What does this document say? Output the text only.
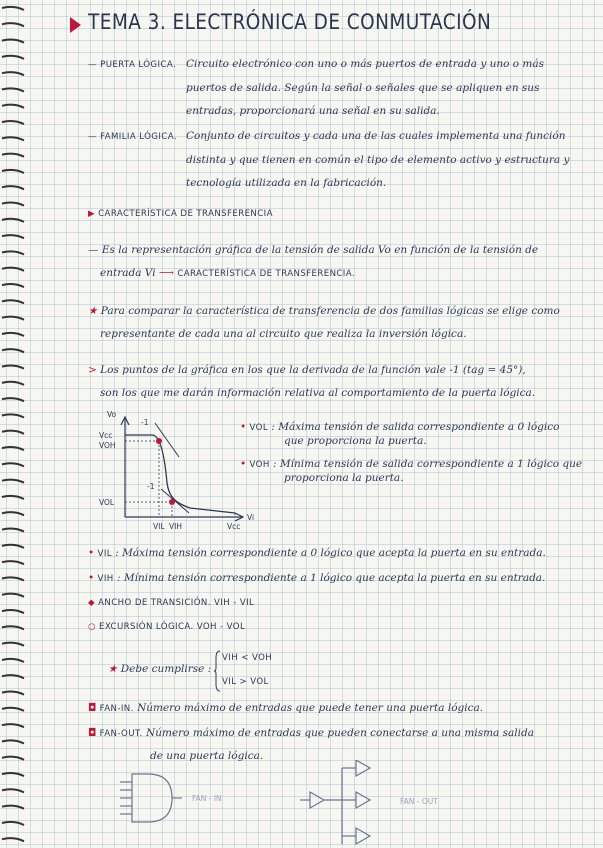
TEMA 3. ELECTRÓNICA DE CONMUTACIÓN
— PUERTA LÓGICA. Circuito electrónico con uno o más puertos de entrada y uno o más
puertos de salida. Según la señal o señales que se apliquen en sus
entradas, proporcionará una señal en su salida.
— FAMILIA LÓGICA. Conjunto de circuitos y cada una de las cuales implementa una función
distinta y que tienen en común el tipo de elemento activo y estructura y
tecnología utilizada en la fabricación.
▶ CARACTERÍSTICA DE TRANSFERENCIA
— Es la representación gráfica de la tensión de salida Vo en función de la tensión de
entrada Vi ⟶ CARACTERÍSTICA DE TRANSFERENCIA.
★ Para comparar la característica de transferencia de dos familias lógicas se elige como
representante de cada una al circuito que realiza la inversión lógica.
> Los puntos de la gráfica en los que la derivada de la función vale -1 (tag = 45°),
son los que me darán información relativa al comportamiento de la puerta lógica.
Vo
Vcc
VOH
VOL
VIL VIH	Vcc
Vi
-1
-1
• VOL : Máxima tensión de salida correspondiente a 0 lógico
que proporciona la puerta.
• VOH : Mínima tensión de salida correspondiente a 1 lógico que
proporciona la puerta.
• VIL : Máxima tensión correspondiente a 0 lógico que acepta la puerta en su entrada.
• VIH : Mínima tensión correspondiente a 1 lógico que acepta la puerta en su entrada.
◆ ANCHO DE TRANSICIÓN. VIH - VIL
○ EXCURSIÓN LÓGICA. VOH - VOL
★ Debe cumplirse :
VIH < VOH
VIL > VOL
◘ FAN-IN. Número máximo de entradas que puede tener una puerta lógica.
◘ FAN-OUT. Número máximo de entradas que pueden conectarse a una misma salida
de una puerta lógica.
FAN - IN	FAN - OUT
